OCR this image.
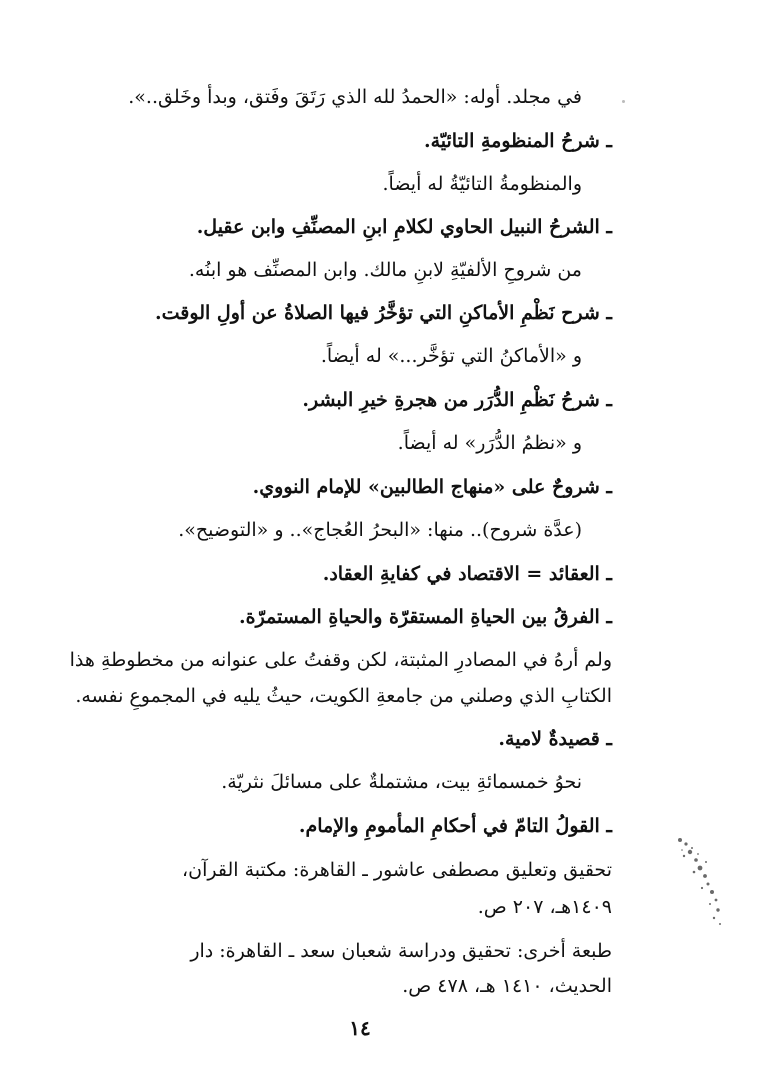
في مجلد. أوله: «الحمدُ لله الذي رَتَقَ وفَتق، وبدأ وخَلق..».
ـ شرحُ المنظومةِ التائيّة.
والمنظومةُ التائيّةُ له أيضاً.
ـ الشرحُ النبيل الحاوي لكلامِ ابنِ المصنِّفِ وابن عقيل.
من شروحِ الألفيّةِ لابنِ مالك. وابن المصنِّف هو ابنُه.
ـ شرح نَظْمِ الأماكنِ التي تؤخَّرُ فيها الصلاةُ عن أولِ الوقت.
و «الأماكنُ التي تؤخَّر...» له أيضاً.
ـ شرحُ نَظْمِ الدُّرَر من هجرةِ خيرِ البشر.
و «نظمُ الدُّرَر» له أيضاً.
ـ شروحٌ على «منهاج الطالبين» للإمام النووي.
(عدَّة شروح).. منها: «البحرُ العُجاج».. و «التوضيح».
ـ العقائد = الاقتصاد في كفايةِ العقاد.
ـ الفرقُ بين الحياةِ المستقرّة والحياةِ المستمرّة.
ولم أرهُ في المصادرِ المثبتة، لكن وقفتُ على عنوانه من مخطوطةِ هذا
الكتابِ الذي وصلني من جامعةِ الكويت، حيثُ يليه في المجموعِ نفسه.
ـ قصيدةٌ لامية.
نحوُ خمسمائةِ بيت، مشتملةٌ على مسائلَ نثريّة.
ـ القولُ التامّ في أحكامِ المأمومِ والإمام.
تحقيق وتعليق مصطفى عاشور ـ القاهرة: مكتبة القرآن،
١٤٠٩هـ، ٢٠٧ ص.
طبعة أخرى: تحقيق ودراسة شعبان سعد ـ القاهرة: دار
الحديث، ١٤١٠ هـ، ٤٧٨ ص.
١٤
